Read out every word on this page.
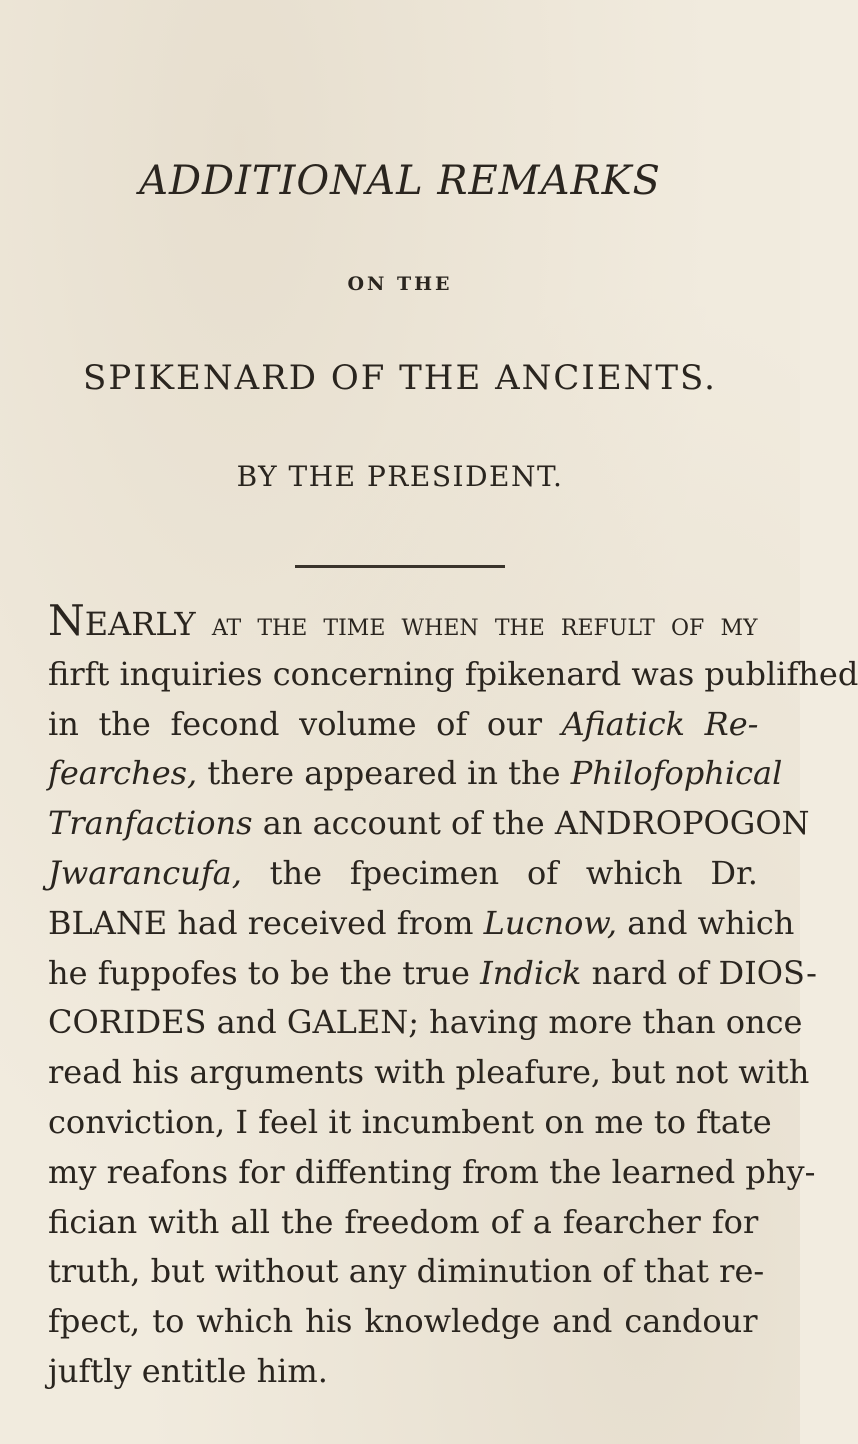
ADDITIONAL REMARKS
ON THE
SPIKENARD OF THE ANCIENTS.
BY THE PRESIDENT.
NEARLY at the time when the refult of my
firft inquiries concerning fpikenard was publifhed
in the fecond volume of our Afiatick Re-
fearches, there appeared in the Philofophical
Tranfactions an account of the ANDROPOGON
Jwarancufa, the fpecimen of which Dr.
BLANE had received from Lucnow, and which
he fuppofes to be the true Indick nard of DIOS-
CORIDES and GALEN; having more than once
read his arguments with pleafure, but not with
conviction, I feel it incumbent on me to ftate
my reafons for diffenting from the learned phy-
fician with all the freedom of a fearcher for
truth, but without any diminution of that re-
fpect, to which his knowledge and candour
juftly entitle him.
